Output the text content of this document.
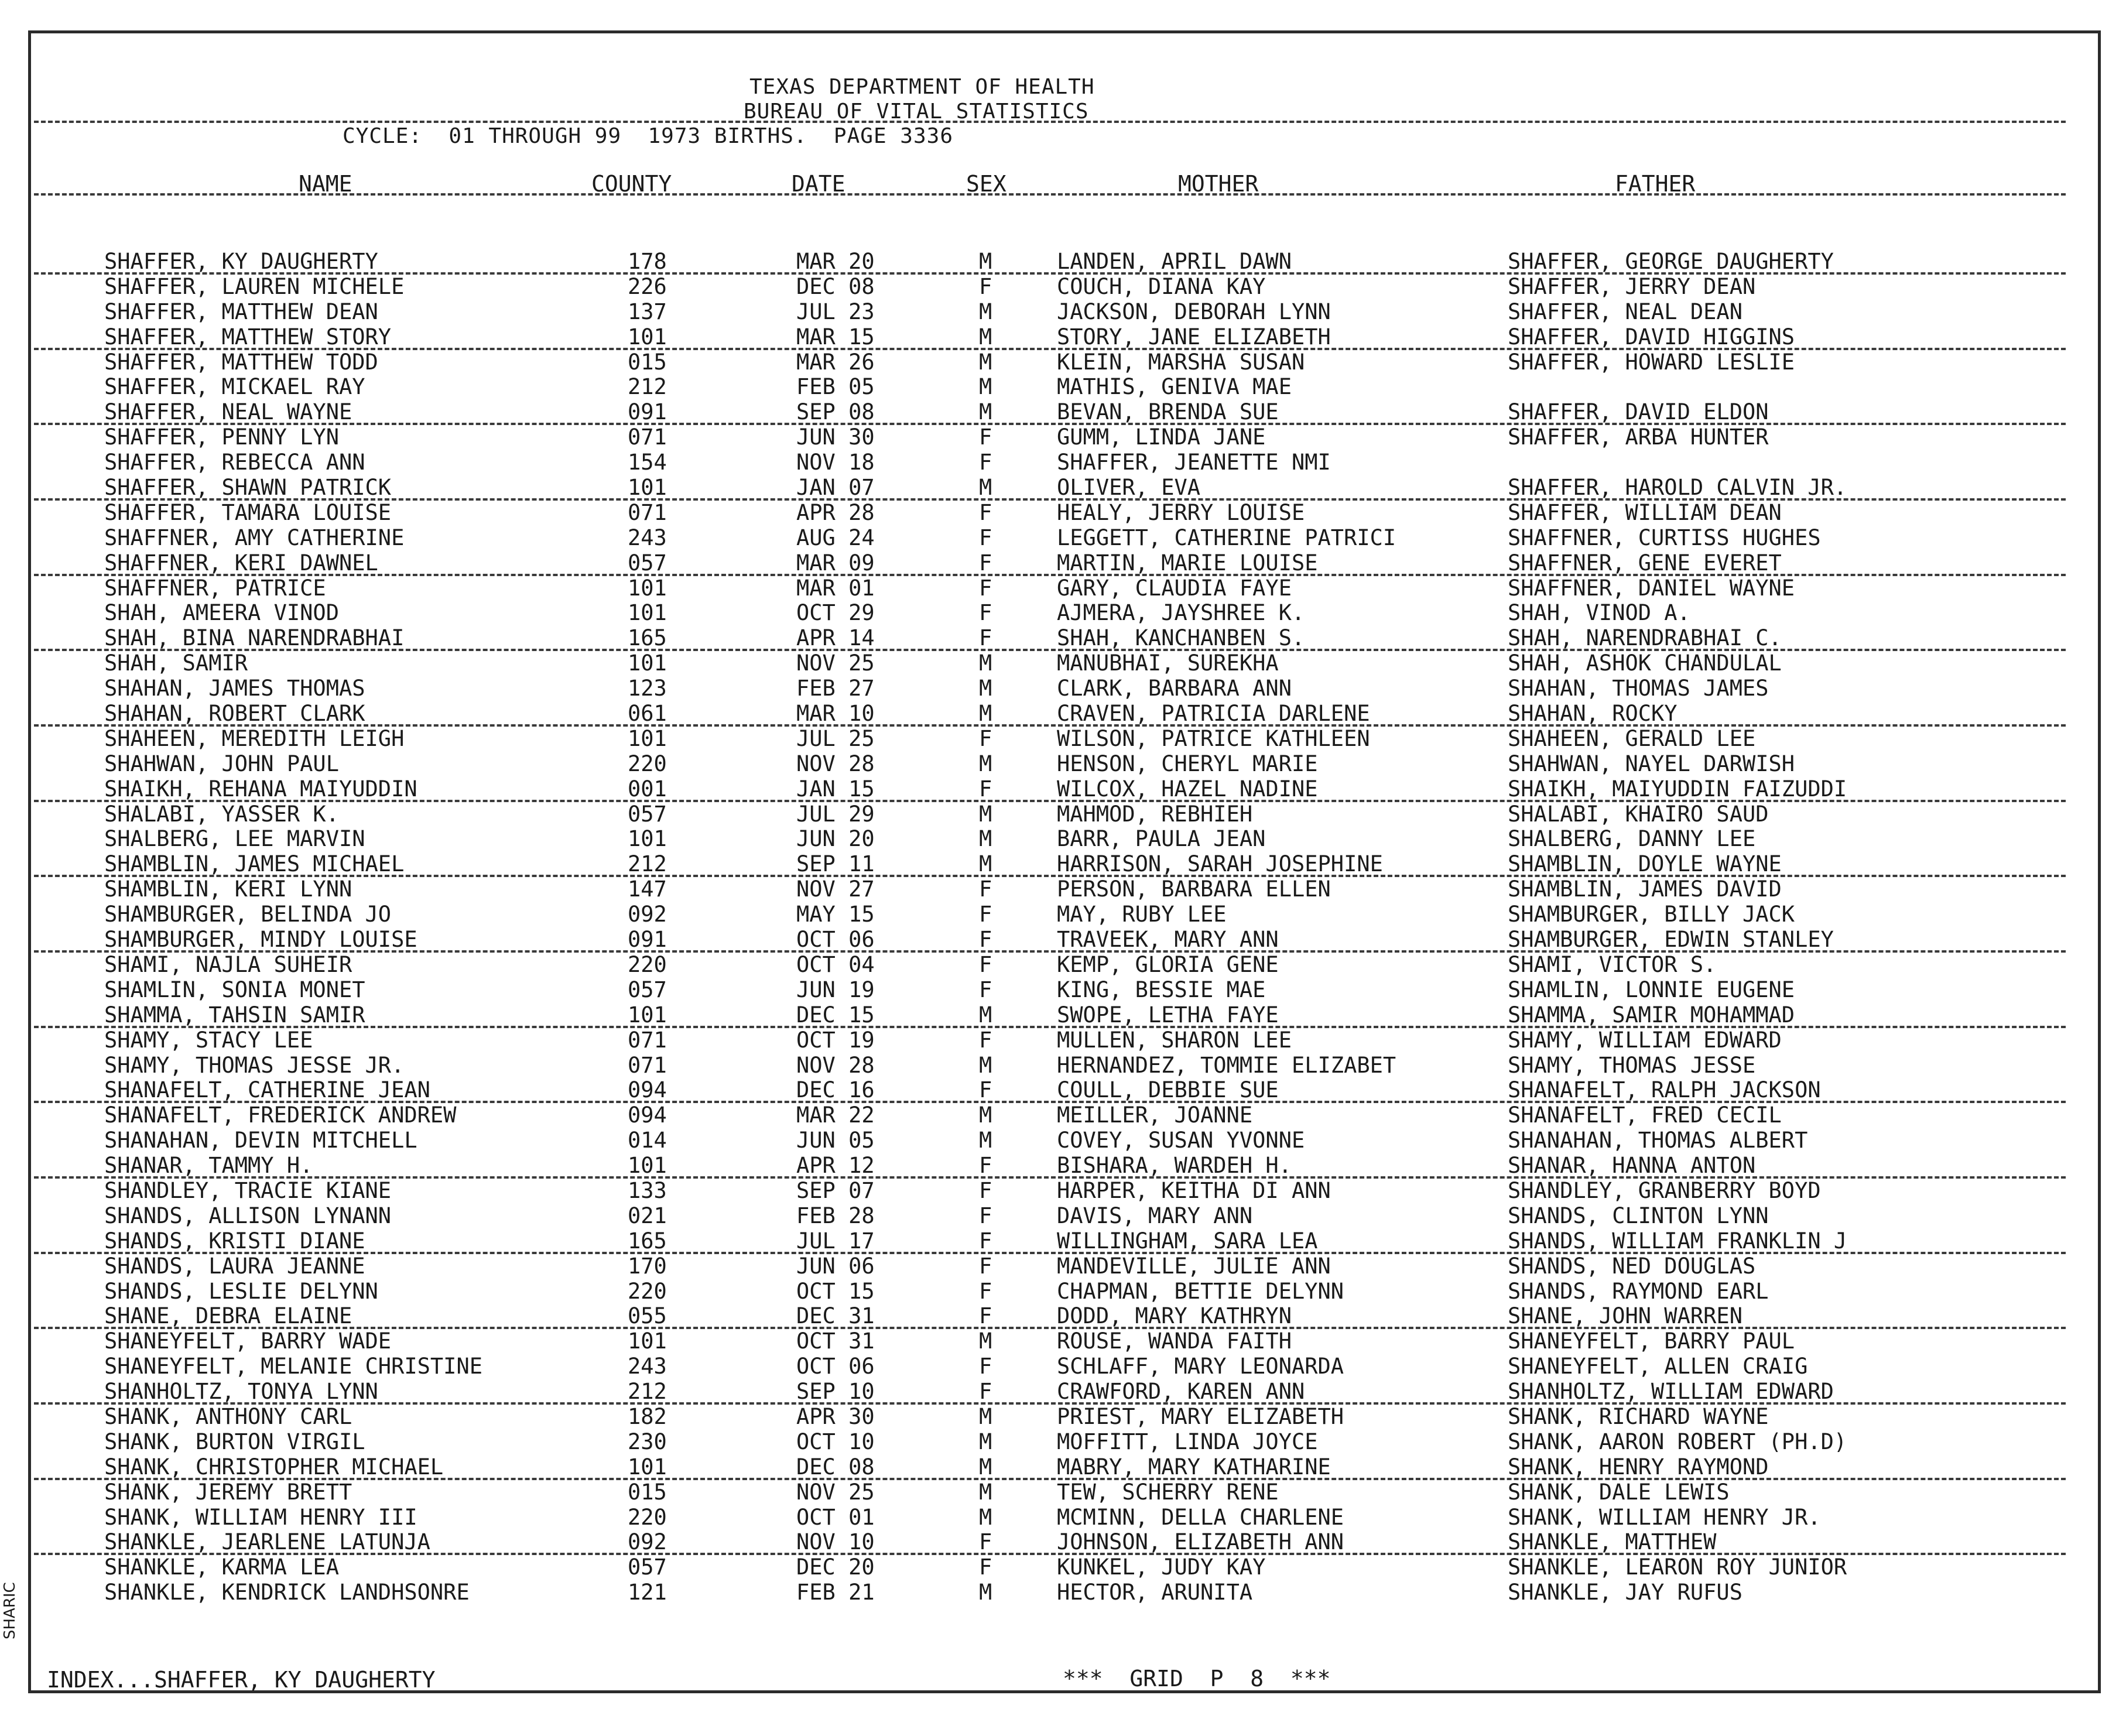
TEXAS DEPARTMENT OF HEALTH
BUREAU OF VITAL STATISTICS
CYCLE:  01 THROUGH 99  1973 BIRTHS.  PAGE 3336
NAME	COUNTY	DATE	SEX	MOTHER	FATHER
SHAFFER, KY DAUGHERTY	178	MAR 20	M	LANDEN, APRIL DAWN	SHAFFER, GEORGE DAUGHERTY
SHAFFER, LAUREN MICHELE	226	DEC 08	F	COUCH, DIANA KAY	SHAFFER, JERRY DEAN
SHAFFER, MATTHEW DEAN	137	JUL 23	M	JACKSON, DEBORAH LYNN	SHAFFER, NEAL DEAN
SHAFFER, MATTHEW STORY	101	MAR 15	M	STORY, JANE ELIZABETH	SHAFFER, DAVID HIGGINS
SHAFFER, MATTHEW TODD	015	MAR 26	M	KLEIN, MARSHA SUSAN	SHAFFER, HOWARD LESLIE
SHAFFER, MICKAEL RAY	212	FEB 05	M	MATHIS, GENIVA MAE
SHAFFER, NEAL WAYNE	091	SEP 08	M	BEVAN, BRENDA SUE	SHAFFER, DAVID ELDON
SHAFFER, PENNY LYN	071	JUN 30	F	GUMM, LINDA JANE	SHAFFER, ARBA HUNTER
SHAFFER, REBECCA ANN	154	NOV 18	F	SHAFFER, JEANETTE NMI
SHAFFER, SHAWN PATRICK	101	JAN 07	M	OLIVER, EVA	SHAFFER, HAROLD CALVIN JR.
SHAFFER, TAMARA LOUISE	071	APR 28	F	HEALY, JERRY LOUISE	SHAFFER, WILLIAM DEAN
SHAFFNER, AMY CATHERINE	243	AUG 24	F	LEGGETT, CATHERINE PATRICI	SHAFFNER, CURTISS HUGHES
SHAFFNER, KERI DAWNEL	057	MAR 09	F	MARTIN, MARIE LOUISE	SHAFFNER, GENE EVERET
SHAFFNER, PATRICE	101	MAR 01	F	GARY, CLAUDIA FAYE	SHAFFNER, DANIEL WAYNE
SHAH, AMEERA VINOD	101	OCT 29	F	AJMERA, JAYSHREE K.	SHAH, VINOD A.
SHAH, BINA NARENDRABHAI	165	APR 14	F	SHAH, KANCHANBEN S.	SHAH, NARENDRABHAI C.
SHAH, SAMIR	101	NOV 25	M	MANUBHAI, SUREKHA	SHAH, ASHOK CHANDULAL
SHAHAN, JAMES THOMAS	123	FEB 27	M	CLARK, BARBARA ANN	SHAHAN, THOMAS JAMES
SHAHAN, ROBERT CLARK	061	MAR 10	M	CRAVEN, PATRICIA DARLENE	SHAHAN, ROCKY
SHAHEEN, MEREDITH LEIGH	101	JUL 25	F	WILSON, PATRICE KATHLEEN	SHAHEEN, GERALD LEE
SHAHWAN, JOHN PAUL	220	NOV 28	M	HENSON, CHERYL MARIE	SHAHWAN, NAYEL DARWISH
SHAIKH, REHANA MAIYUDDIN	001	JAN 15	F	WILCOX, HAZEL NADINE	SHAIKH, MAIYUDDIN FAIZUDDI
SHALABI, YASSER K.	057	JUL 29	M	MAHMOD, REBHIEH	SHALABI, KHAIRO SAUD
SHALBERG, LEE MARVIN	101	JUN 20	M	BARR, PAULA JEAN	SHALBERG, DANNY LEE
SHAMBLIN, JAMES MICHAEL	212	SEP 11	M	HARRISON, SARAH JOSEPHINE	SHAMBLIN, DOYLE WAYNE
SHAMBLIN, KERI LYNN	147	NOV 27	F	PERSON, BARBARA ELLEN	SHAMBLIN, JAMES DAVID
SHAMBURGER, BELINDA JO	092	MAY 15	F	MAY, RUBY LEE	SHAMBURGER, BILLY JACK
SHAMBURGER, MINDY LOUISE	091	OCT 06	F	TRAVEEK, MARY ANN	SHAMBURGER, EDWIN STANLEY
SHAMI, NAJLA SUHEIR	220	OCT 04	F	KEMP, GLORIA GENE	SHAMI, VICTOR S.
SHAMLIN, SONIA MONET	057	JUN 19	F	KING, BESSIE MAE	SHAMLIN, LONNIE EUGENE
SHAMMA, TAHSIN SAMIR	101	DEC 15	M	SWOPE, LETHA FAYE	SHAMMA, SAMIR MOHAMMAD
SHAMY, STACY LEE	071	OCT 19	F	MULLEN, SHARON LEE	SHAMY, WILLIAM EDWARD
SHAMY, THOMAS JESSE JR.	071	NOV 28	M	HERNANDEZ, TOMMIE ELIZABET	SHAMY, THOMAS JESSE
SHANAFELT, CATHERINE JEAN	094	DEC 16	F	COULL, DEBBIE SUE	SHANAFELT, RALPH JACKSON
SHANAFELT, FREDERICK ANDREW	094	MAR 22	M	MEILLER, JOANNE	SHANAFELT, FRED CECIL
SHANAHAN, DEVIN MITCHELL	014	JUN 05	M	COVEY, SUSAN YVONNE	SHANAHAN, THOMAS ALBERT
SHANAR, TAMMY H.	101	APR 12	F	BISHARA, WARDEH H.	SHANAR, HANNA ANTON
SHANDLEY, TRACIE KIANE	133	SEP 07	F	HARPER, KEITHA DI ANN	SHANDLEY, GRANBERRY BOYD
SHANDS, ALLISON LYNANN	021	FEB 28	F	DAVIS, MARY ANN	SHANDS, CLINTON LYNN
SHANDS, KRISTI DIANE	165	JUL 17	F	WILLINGHAM, SARA LEA	SHANDS, WILLIAM FRANKLIN J
SHANDS, LAURA JEANNE	170	JUN 06	F	MANDEVILLE, JULIE ANN	SHANDS, NED DOUGLAS
SHANDS, LESLIE DELYNN	220	OCT 15	F	CHAPMAN, BETTIE DELYNN	SHANDS, RAYMOND EARL
SHANE, DEBRA ELAINE	055	DEC 31	F	DODD, MARY KATHRYN	SHANE, JOHN WARREN
SHANEYFELT, BARRY WADE	101	OCT 31	M	ROUSE, WANDA FAITH	SHANEYFELT, BARRY PAUL
SHANEYFELT, MELANIE CHRISTINE	243	OCT 06	F	SCHLAFF, MARY LEONARDA	SHANEYFELT, ALLEN CRAIG
SHANHOLTZ, TONYA LYNN	212	SEP 10	F	CRAWFORD, KAREN ANN	SHANHOLTZ, WILLIAM EDWARD
SHANK, ANTHONY CARL	182	APR 30	M	PRIEST, MARY ELIZABETH	SHANK, RICHARD WAYNE
SHANK, BURTON VIRGIL	230	OCT 10	M	MOFFITT, LINDA JOYCE	SHANK, AARON ROBERT (PH.D)
SHANK, CHRISTOPHER MICHAEL	101	DEC 08	M	MABRY, MARY KATHARINE	SHANK, HENRY RAYMOND
SHANK, JEREMY BRETT	015	NOV 25	M	TEW, SCHERRY RENE	SHANK, DALE LEWIS
SHANK, WILLIAM HENRY III	220	OCT 01	M	MCMINN, DELLA CHARLENE	SHANK, WILLIAM HENRY JR.
SHANKLE, JEARLENE LATUNJA	092	NOV 10	F	JOHNSON, ELIZABETH ANN	SHANKLE, MATTHEW
SHANKLE, KARMA LEA	057	DEC 20	F	KUNKEL, JUDY KAY	SHANKLE, LEARON ROY JUNIOR
SHANKLE, KENDRICK LANDHSONRE	121	FEB 21	M	HECTOR, ARUNITA	SHANKLE, JAY RUFUS
INDEX...SHAFFER, KY DAUGHERTY	***  GRID  P  8  ***
SHARIC
